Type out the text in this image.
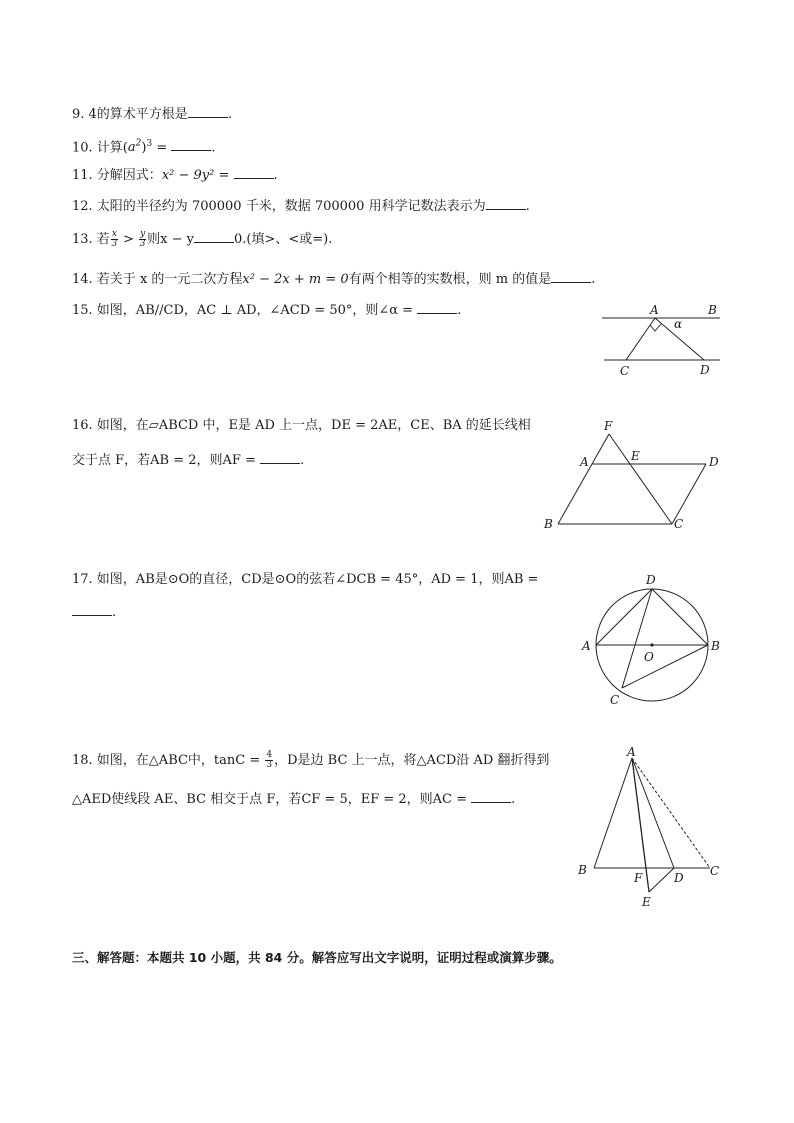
9. 4的算术平方根是	.
10. 计算$(a^2)^3$ =	.
11. 分解因式：x² − 9y² =	.
12. 太阳的半径约为 700000 千米，数据 700000 用科学记数法表示为	.
13. 若 $\frac{x}{3} > \frac{y}{3}$ 则x − y	0.(填>、<或=).
14. 若关于 x 的一元二次方程x² − 2x + m = 0有两个相等的实数根，则 m 的值是	.
15. 如图，AB//CD，AC ⊥ AD，∠ACD = 50°，则∠α =	.	A	B
C	D
α
16. 如图，在▱ABCD 中，E是 AD 上一点，DE = 2AE，CE、BA 的延长线相
交于点 F，若AB = 2，则AF =	.
F
A	E	D
B	C
17. 如图，AB是⊙O的直径，CD是⊙O的弦若∠DCB = 45°，AD = 1，则AB =
.
D
A
O
B
C
18. 如图，在△ABC中，$\tan C = \frac{4}{3}$ ，D是边 BC 上一点，将△ACD沿 AD 翻折得到
△AED使线段 AE、BC 相交于点 F，若CF = 5，EF = 2，则AC =	.
A
B
F	D C
E
三、解答题：本题共 10 小题，共 84 分。解答应写出文字说明，证明过程或演算步骤。
